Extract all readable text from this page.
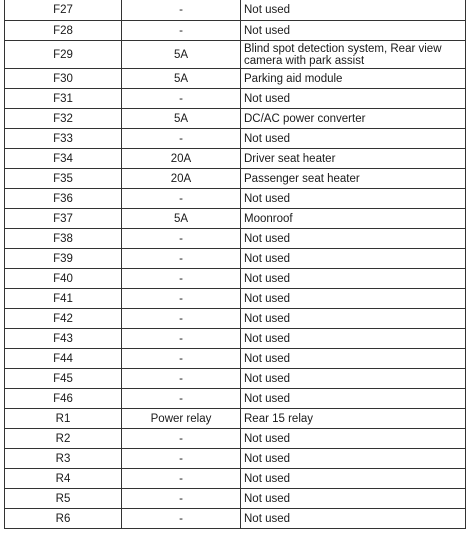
F27	-	Not used
F28	-	Not used
F29	5A	Blind spot detection system, Rear view camera with park assist
F30	5A	Parking aid module
F31	-	Not used
F32	5A	DC/AC power converter
F33	-	Not used
F34	20A	Driver seat heater
F35	20A	Passenger seat heater
F36	-	Not used
F37	5A	Moonroof
F38	-	Not used
F39	-	Not used
F40	-	Not used
F41	-	Not used
F42	-	Not used
F43	-	Not used
F44	-	Not used
F45	-	Not used
F46	-	Not used
R1	Power relay	Rear 15 relay
R2	-	Not used
R3	-	Not used
R4	-	Not used
R5	-	Not used
R6	-	Not used
